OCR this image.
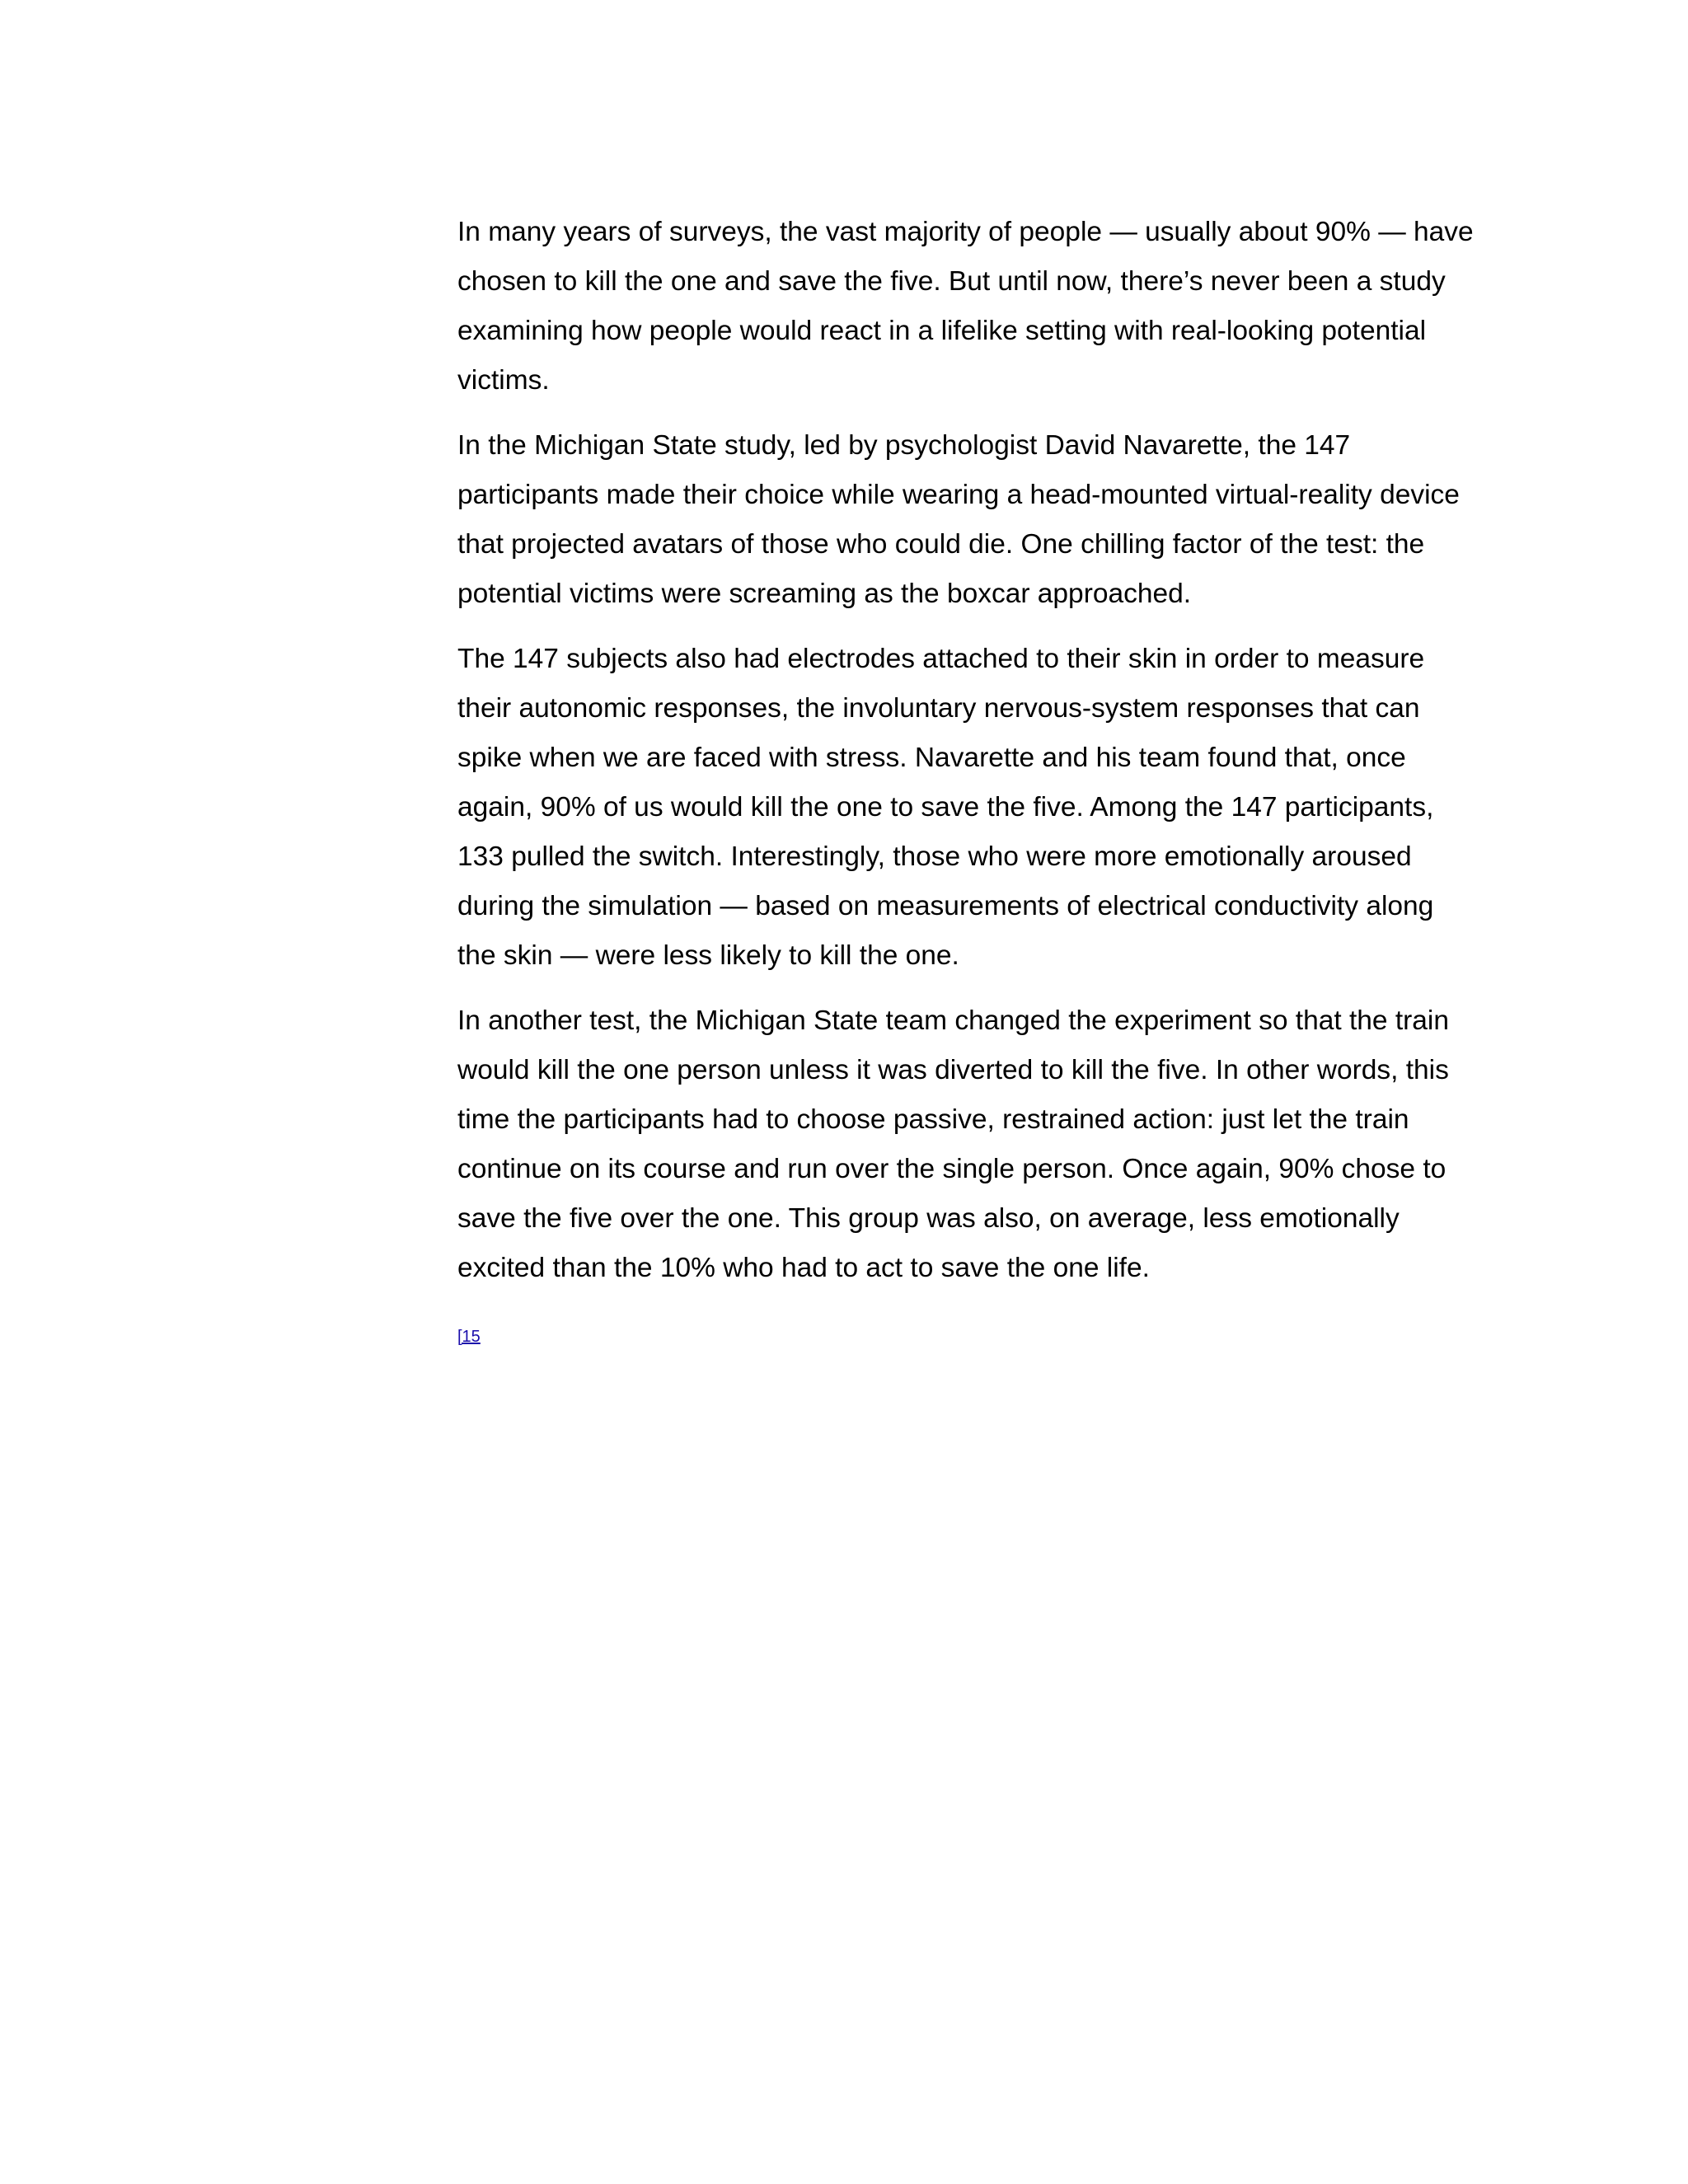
In many years of surveys, the vast majority of people — usually about 90% — have chosen to kill the one and save the five. But until now, there’s never been a study examining how people would react in a lifelike setting with real-looking potential victims.

In the Michigan State study, led by psychologist David Navarette, the 147 participants made their choice while wearing a head-mounted virtual-reality device that projected avatars of those who could die. One chilling factor of the test: the potential victims were screaming as the boxcar approached.

The 147 subjects also had electrodes attached to their skin in order to measure their autonomic responses, the involuntary nervous-system responses that can spike when we are faced with stress. Navarette and his team found that, once again, 90% of us would kill the one to save the five. Among the 147 participants, 133 pulled the switch. Interestingly, those who were more emotionally aroused during the simulation — based on measurements of electrical conductivity along the skin — were less likely to kill the one.

In another test, the Michigan State team changed the experiment so that the train would kill the one person unless it was diverted to kill the five. In other words, this time the participants had to choose passive, restrained action: just let the train continue on its course and run over the single person. Once again, 90% chose to save the five over the one. This group was also, on average, less emotionally excited than the 10% who had to act to save the one life.

[15
